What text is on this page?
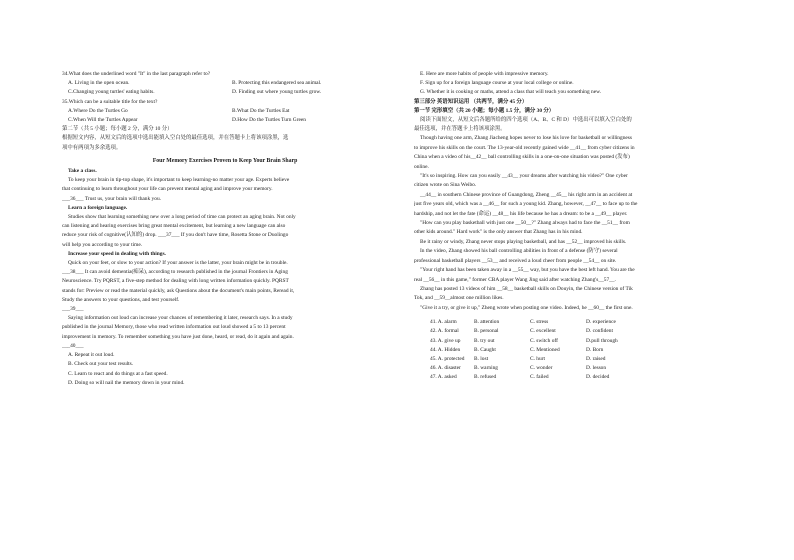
34.What does the underlined word "It" in the last paragraph refer to?
A. Living in the open ocean.	B. Protecting this endangered sea animal.
C.Changing young turtles' eating habits.	D. Finding out where young turtles grow.
35.Which can be a suitable title for the text?
A.Where Do the Turtles Go	B.What Do the Turtles Eat
C.When Will the Turtles Appear	D.How Do the Turtles Turn Green
第二节（共 5 小题；每小题 2 分，满分 10 分）
根据短文内容，从短文后的选项中选出能填入空白处的最佳选项，并在答题卡上将该项涂黑，选
项中有两项为多余选项。
Four Memory Exercises Proven to Keep Your Brain Sharp
Take a class.
To keep your brain in tip-top shape, it's important to keep learning-no matter your age. Experts believe
that continuing to learn throughout your life can prevent mental aging and improve your memory.
___36___ Trust us, your brain will thank you.
Learn a foreign language.
Studies show that learning something new over a long period of time can protect an aging brain. Not only
can listening and hearing exercises bring great mental excitement, but learning a new language can also
reduce your risk of cognitive(认知的) drop. ___37___ If you don't have time, Rosetta Stone or Duolingo
will help you according to your time.
Increase your speed in dealing with things.
Quick on your feet, or slow to your action? If your answer is the latter, your brain might be in trouble.
___38___ It can avoid dementia(痴呆), according to research published in the journal Frontiers in Aging
Neuroscience. Try PQRST, a five-step method for dealing with long written information quickly. PQRST
stands for: Preview or read the material quickly, ask Questions about the document's main points, Reread it,
Study the answers to your questions, and test yourself.
___39___
Saying information out loud can increase your chances of remembering it later, research says. In a study
published in the journal Memory, those who read written information out loud showed a 5 to 13 percent
improvement in memory. To remember something you have just done, heard, or read, do it again and again.
___40___
A. Repeat it out loud.
B. Check out your test results.
C. Learn to react and do things at a fast speed.
D. Doing so will nail the memory down in your mind.
E. Here are more habits of people with impressive memory.
F. Sign up for a foreign language course at your local college or online.
G. Whether it is cooking or maths, attend a class that will teach you something new.
第三部分 英语知识运用 （共两节，满分 45 分）
第一节 完形填空（共 20 小题；每小题 1.5 分，满分 30 分）
阅读下面短文，从短文后各题所给的四个选项（A、B、C 和 D）中选出可以填入空白处的
最佳选项，并在答题卡上将该项涂黑。
Though having one arm, Zhang Jiacheng hopes never to lose his love for basketball or willingness
to improve his skills on the court. The 13-year-old recently gained wide __41__ from cyber citizens in
China when a video of his__42__ ball controlling skills in a one-on-one situation was posted (发布)
online.
"It's so inspiring. How can you easily __43__ your dreams after watching his video?" One cyber
citizen wrote on Sina Weibo.
__44__ in southern Chinese province of Guangdong, Zheng __45__ his right arm in an accident at
just five years old, which was a __46__ for such a young kid. Zhang, however, __47__ to face up to the
hardship, and not let the fate (命运) __48__ his life because he has a dream: to be a __49__ player.
"How can you play basketball with just one __50__?" Zhang always had to face the __51__ from
other kids around." Hard work" is the only answer that Zhang has in his mind.
Be it rainy or windy, Zhang never stops playing basketball, and has __52__ improved his skills.
In the video, Zhang showed his ball controlling abilities in front of a defense (防守) several
professional basketball players __53__ and received a loud cheer from people __54__ on site.
"Your right hand has been taken away in a __55__ way, but you have the best left hand. You are the
real __56__ in this game," former CBA player Wang Jing said after watching Zhang's__57__.
Zhang has posted 13 videos of him __58__ basketball skills on Douyin, the Chinese version of Tik
Tok, and __59__almost one million likes.
"Give it a try, or give it up," Zheng wrote when posting one video. Indeed, he __60__ the first one.
41. A. alarm	B. attention	C. stress	D. experience
42. A. formal	B. personal	C. excellent	D. confident
43. A. give up	B. try out	C. switch off	D.pull through
44. A. Hidden	B. Caught	C. Mentioned	D. Born
45. A. protected	B. lost	C. hurt	D. raised
46. A. disaster	B. warning	C. wonder	D. lesson
47. A. asked	B. refused	C. failed	D. decided
